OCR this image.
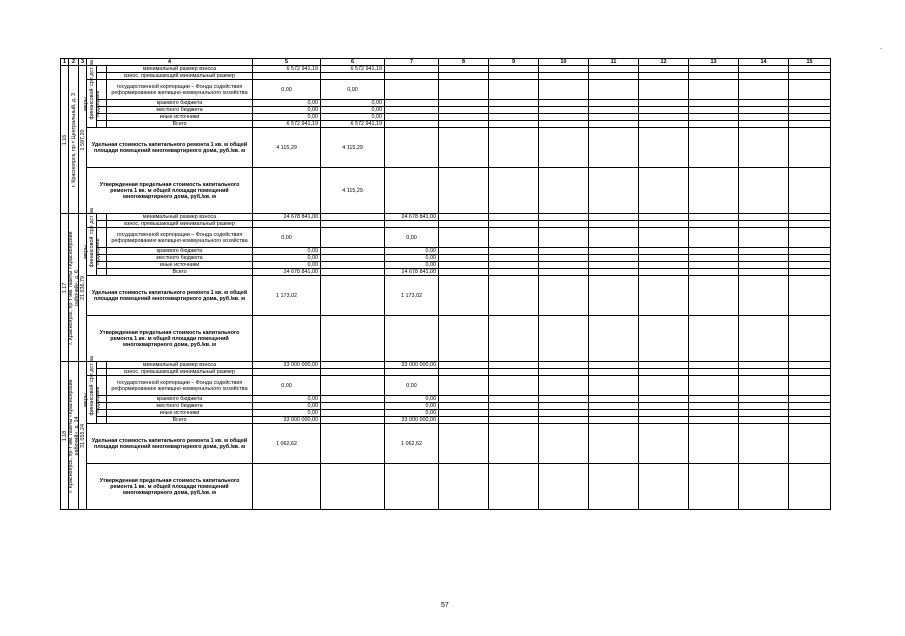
1	2	3	4			5	6	7	8	9	10	11	12	13	14	15

1.16	г. Красноярск, пр-т Центральный, д. 3	1 597,20	сре дст ва		минимальный размер взноса	6 572 941,19	6 572 941,19									
					взнос, превышающий минимальный размер											

			меры финансовой поддержки		государственной корпорации – Фонда содействия реформированию жилищно-коммунального хозяйства	0,00	0,00									
					краевого бюджета	0,00	0,00									
					местного бюджета	0,00	0,00									
					иные источники	0,00	0,00									
					Всего	6 572 941,19	6 572 941,19									
			Удельная стоимость капитального ремонта 1 кв. м общей площади помещений многоквартирного дома, руб./кв. м			4 115,29	4 115,29									
			Утвержденная предельная стоимость капитального ремонта 1 кв. м общей площади помещений многоквартирного дома, руб./кв. м				4 115,29									

1.17	г. Красноярск, пр-т им. газеты «Красноярский рабочий», д. 6	21 036,79	сре дст ва		минимальный размер взноса	24 678 841,00		24 678 841,00								
					взнос, превышающий минимальный размер											

			меры финансовой поддержки		государственной корпорации – Фонда содействия реформированию жилищно-коммунального хозяйства	0,00		0,00								
					краевого бюджета	0,00		0,00								
					местного бюджета	0,00		0,00								
					иные источники	0,00		0,00								
					Всего	24 678 841,00		24 678 841,00								
			Удельная стоимость капитального ремонта 1 кв. м общей площади помещений многоквартирного дома, руб./кв. м			1 173,02		1 173,02								
			Утвержденная предельная стоимость капитального ремонта 1 кв. м общей площади помещений многоквартирного дома, руб./кв. м													

1.18	г. Красноярск, пр-т им. газеты «Красноярский рабочий», д. 14	31 055,24	сре дст ва		минимальный размер взноса	33 000 000,00		33 000 000,00								
					взнос, превышающий минимальный размер											

			меры финансовой поддержки		государственной корпорации – Фонда содействия реформированию жилищно-коммунального хозяйства	0,00		0,00								
					краевого бюджета	0,00		0,00								
					местного бюджета	0,00		0,00								
					иные источники	0,00		0,00								
					Всего	33 000 000,00		33 000 000,00								
			Удельная стоимость капитального ремонта 1 кв. м общей площади помещений многоквартирного дома, руб./кв. м			1 062,62		1 062,62								
			Утвержденная предельная стоимость капитального ремонта 1 кв. м общей площади помещений многоквартирного дома, руб./кв. м													
57
-
